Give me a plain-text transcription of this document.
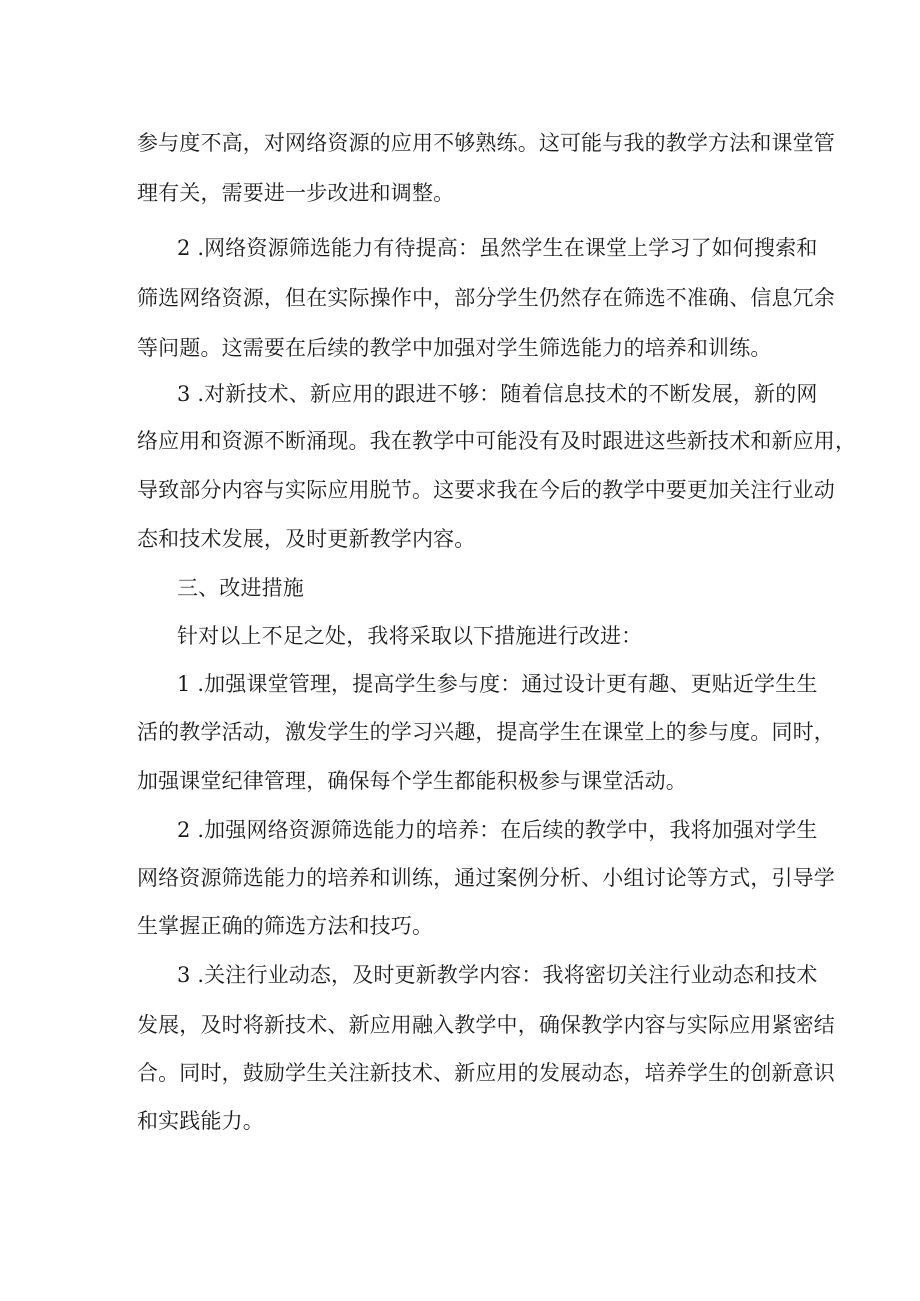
参与度不高，对网络资源的应用不够熟练。这可能与我的教学方法和课堂管

理有关，需要进一步改进和调整。

2 .网络资源筛选能力有待提高：虽然学生在课堂上学习了如何搜索和

筛选网络资源，但在实际操作中，部分学生仍然存在筛选不准确、信息冗余

等问题。这需要在后续的教学中加强对学生筛选能力的培养和训练。

3 .对新技术、新应用的跟进不够：随着信息技术的不断发展，新的网

络应用和资源不断涌现。我在教学中可能没有及时跟进这些新技术和新应用，

导致部分内容与实际应用脱节。这要求我在今后的教学中要更加关注行业动

态和技术发展，及时更新教学内容。

三、改进措施

针对以上不足之处，我将采取以下措施进行改进：

1 .加强课堂管理，提高学生参与度：通过设计更有趣、更贴近学生生

活的教学活动，激发学生的学习兴趣，提高学生在课堂上的参与度。同时，

加强课堂纪律管理，确保每个学生都能积极参与课堂活动。

2 .加强网络资源筛选能力的培养：在后续的教学中，我将加强对学生

网络资源筛选能力的培养和训练，通过案例分析、小组讨论等方式，引导学

生掌握正确的筛选方法和技巧。

3 .关注行业动态，及时更新教学内容：我将密切关注行业动态和技术

发展，及时将新技术、新应用融入教学中，确保教学内容与实际应用紧密结

合。同时，鼓励学生关注新技术、新应用的发展动态，培养学生的创新意识

和实践能力。
